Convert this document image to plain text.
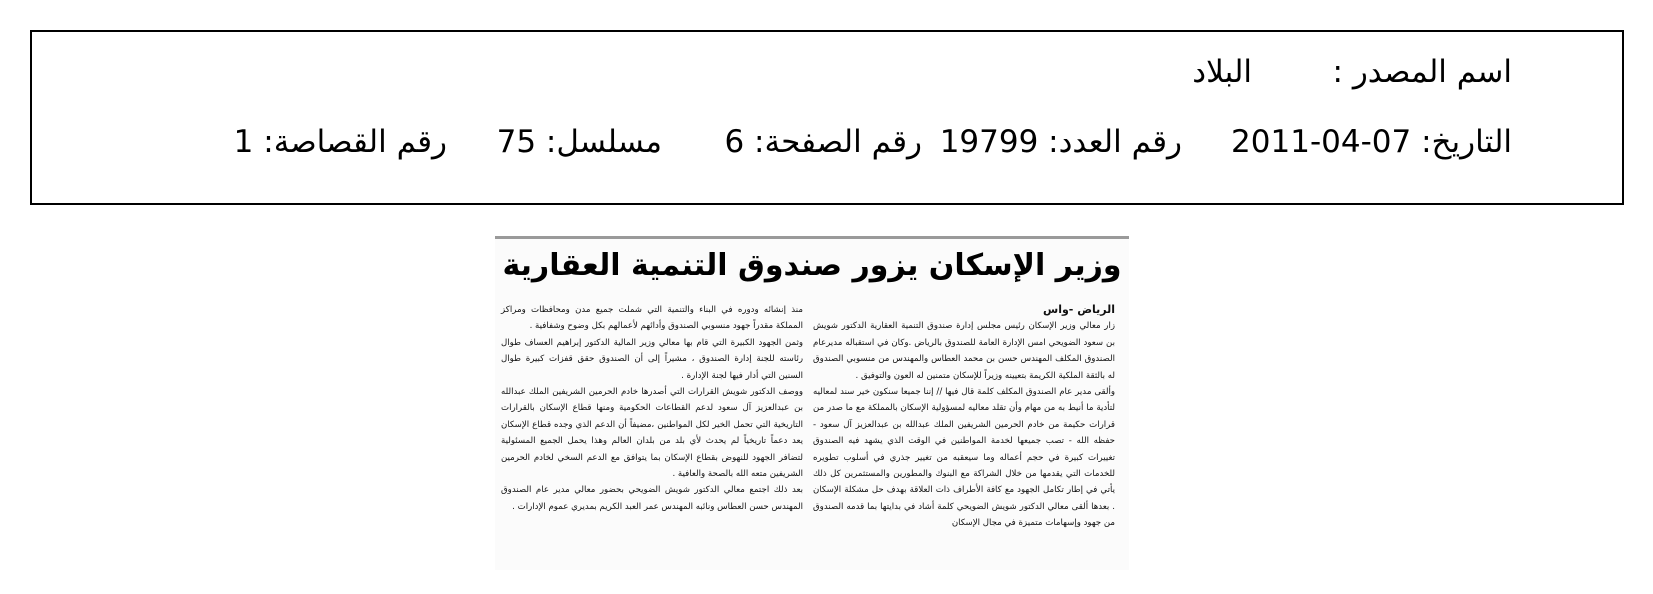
اسم المصدر :
البلاد
التاريخ: 07-04-2011
رقم العدد: 19799
رقم الصفحة: 6
مسلسل: 75
رقم القصاصة: 1
وزير الإسكان يزور صندوق التنمية العقارية
الرياض -واس

زار معالي وزير الإسكان رئيس مجلس إدارة صندوق التنمية العقارية الدكتور شويش بن سعود الضويحي امس الإدارة العامة للصندوق بالرياض .وكان في استقباله مديرعام الصندوق المكلف المهندس حسن بن محمد العطاس والمهندس من منسوبي الصندوق له بالثقة الملكية الكريمة بتعيينه وزيراً للإسكان متمنين له العون والتوفيق .

وألقى مدير عام الصندوق المكلف كلمة قال فيها // إننا جميعا سنكون خير سند لمعاليه لتأدية ما أنيط به من مهام وأن تقلد معاليه لمسؤولية الإسكان بالمملكة مع ما صدر من قرارات حكيمة من خادم الحرمين الشريفين الملك عبدالله بن عبدالعزيز آل سعود - حفظه الله - تصب جميعها لخدمة المواطنين في الوقت الذي يشهد فيه الصندوق تغييرات كبيرة في حجم أعماله وما سيعقبه من تغيير جذري في أسلوب تطويره للخدمات التي يقدمها من خلال الشراكة مع البنوك والمطورين والمستثمرين كل ذلك يأتي في إطار تكامل الجهود مع كافة الأطراف ذات العلاقة بهدف حل مشكلة الإسكان . بعدها ألقى معالي الدكتور شويش الضويحي كلمة أشاد في بدايتها بما قدمه الصندوق من جهود وإسهامات متميزة في مجال الإسكان

منذ إنشائه ودوره في البناء والتنمية التي شملت جميع مدن ومحافظات ومراكز المملكة مقدراً جهود منسوبي الصندوق وأدائهم لأعمالهم بكل وضوح وشفافية .

وثمن الجهود الكبيرة التي قام بها معالي وزير المالية الدكتور إبراهيم العساف طوال رئاسته للجنة إدارة الصندوق ، مشيراً إلى أن الصندوق حقق قفزات كبيرة طوال السنين التي أدار فيها لجنة الإدارة .

ووصف الدكتور شويش القرارات التي أصدرها خادم الحرمين الشريفين الملك عبدالله بن عبدالعزيز آل سعود لدعم القطاعات الحكومية ومنها قطاع الإسكان بالقرارات التاريخية التي تحمل الخير لكل المواطنين ،مضيفاً أن الدعم الذي وجده قطاع الإسكان يعد دعماً تاريخياً لم يحدث لأي بلد من بلدان العالم وهذا يحمل الجميع المسئولية لتضافر الجهود للنهوض بقطاع الإسكان بما يتوافق مع الدعم السخي لخادم الحرمين الشريفين متعه الله بالصحة والعافية .

بعد ذلك اجتمع معالي الدكتور شويش الضويحي بحضور معالي مدير عام الصندوق المهندس حسن العطاس ونائبه المهندس عمر العبد الكريم بمديري عموم الإدارات .
